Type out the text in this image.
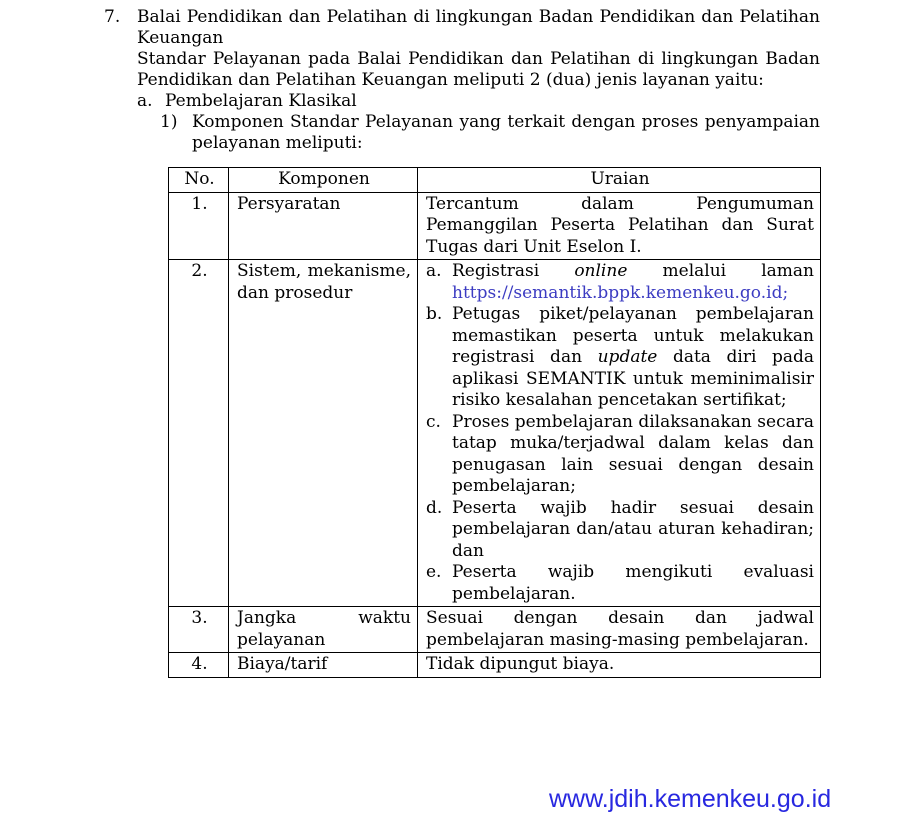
7. Balai Pendidikan dan Pelatihan di lingkungan Badan Pendidikan dan Pelatihan Keuangan

Standar Pelayanan pada Balai Pendidikan dan Pelatihan di lingkungan Badan Pendidikan dan Pelatihan Keuangan meliputi 2 (dua) jenis layanan yaitu:

a. Pembelajaran Klasikal
1) Komponen Standar Pelayanan yang terkait dengan proses penyampaian pelayanan meliputi:

No.	Komponen	Uraian
1.	Persyaratan	Tercantum dalam Pengumuman Pemanggilan Peserta Pelatihan dan Surat Tugas dari Unit Eselon I.
2.	Sistem, mekanisme, dan prosedur	
a. Registrasi online melalui laman https://semantik.bppk.kemenkeu.go.id;
b. Petugas piket/pelayanan pembelajaran memastikan peserta untuk melakukan registrasi dan update data diri pada aplikasi SEMANTIK untuk meminimalisir risiko kesalahan pencetakan sertifikat;
c. Proses pembelajaran dilaksanakan secara tatap muka/terjadwal dalam kelas dan penugasan lain sesuai dengan desain pembelajaran;
d. Peserta wajib hadir sesuai desain pembelajaran dan/atau aturan kehadiran; dan
e. Peserta wajib mengikuti evaluasi pembelajaran.

3.	Jangka waktu pelayanan	Sesuai dengan desain dan jadwal pembelajaran masing-masing pembelajaran.
4.	Biaya/tarif	Tidak dipungut biaya.
www.jdih.kemenkeu.go.id
